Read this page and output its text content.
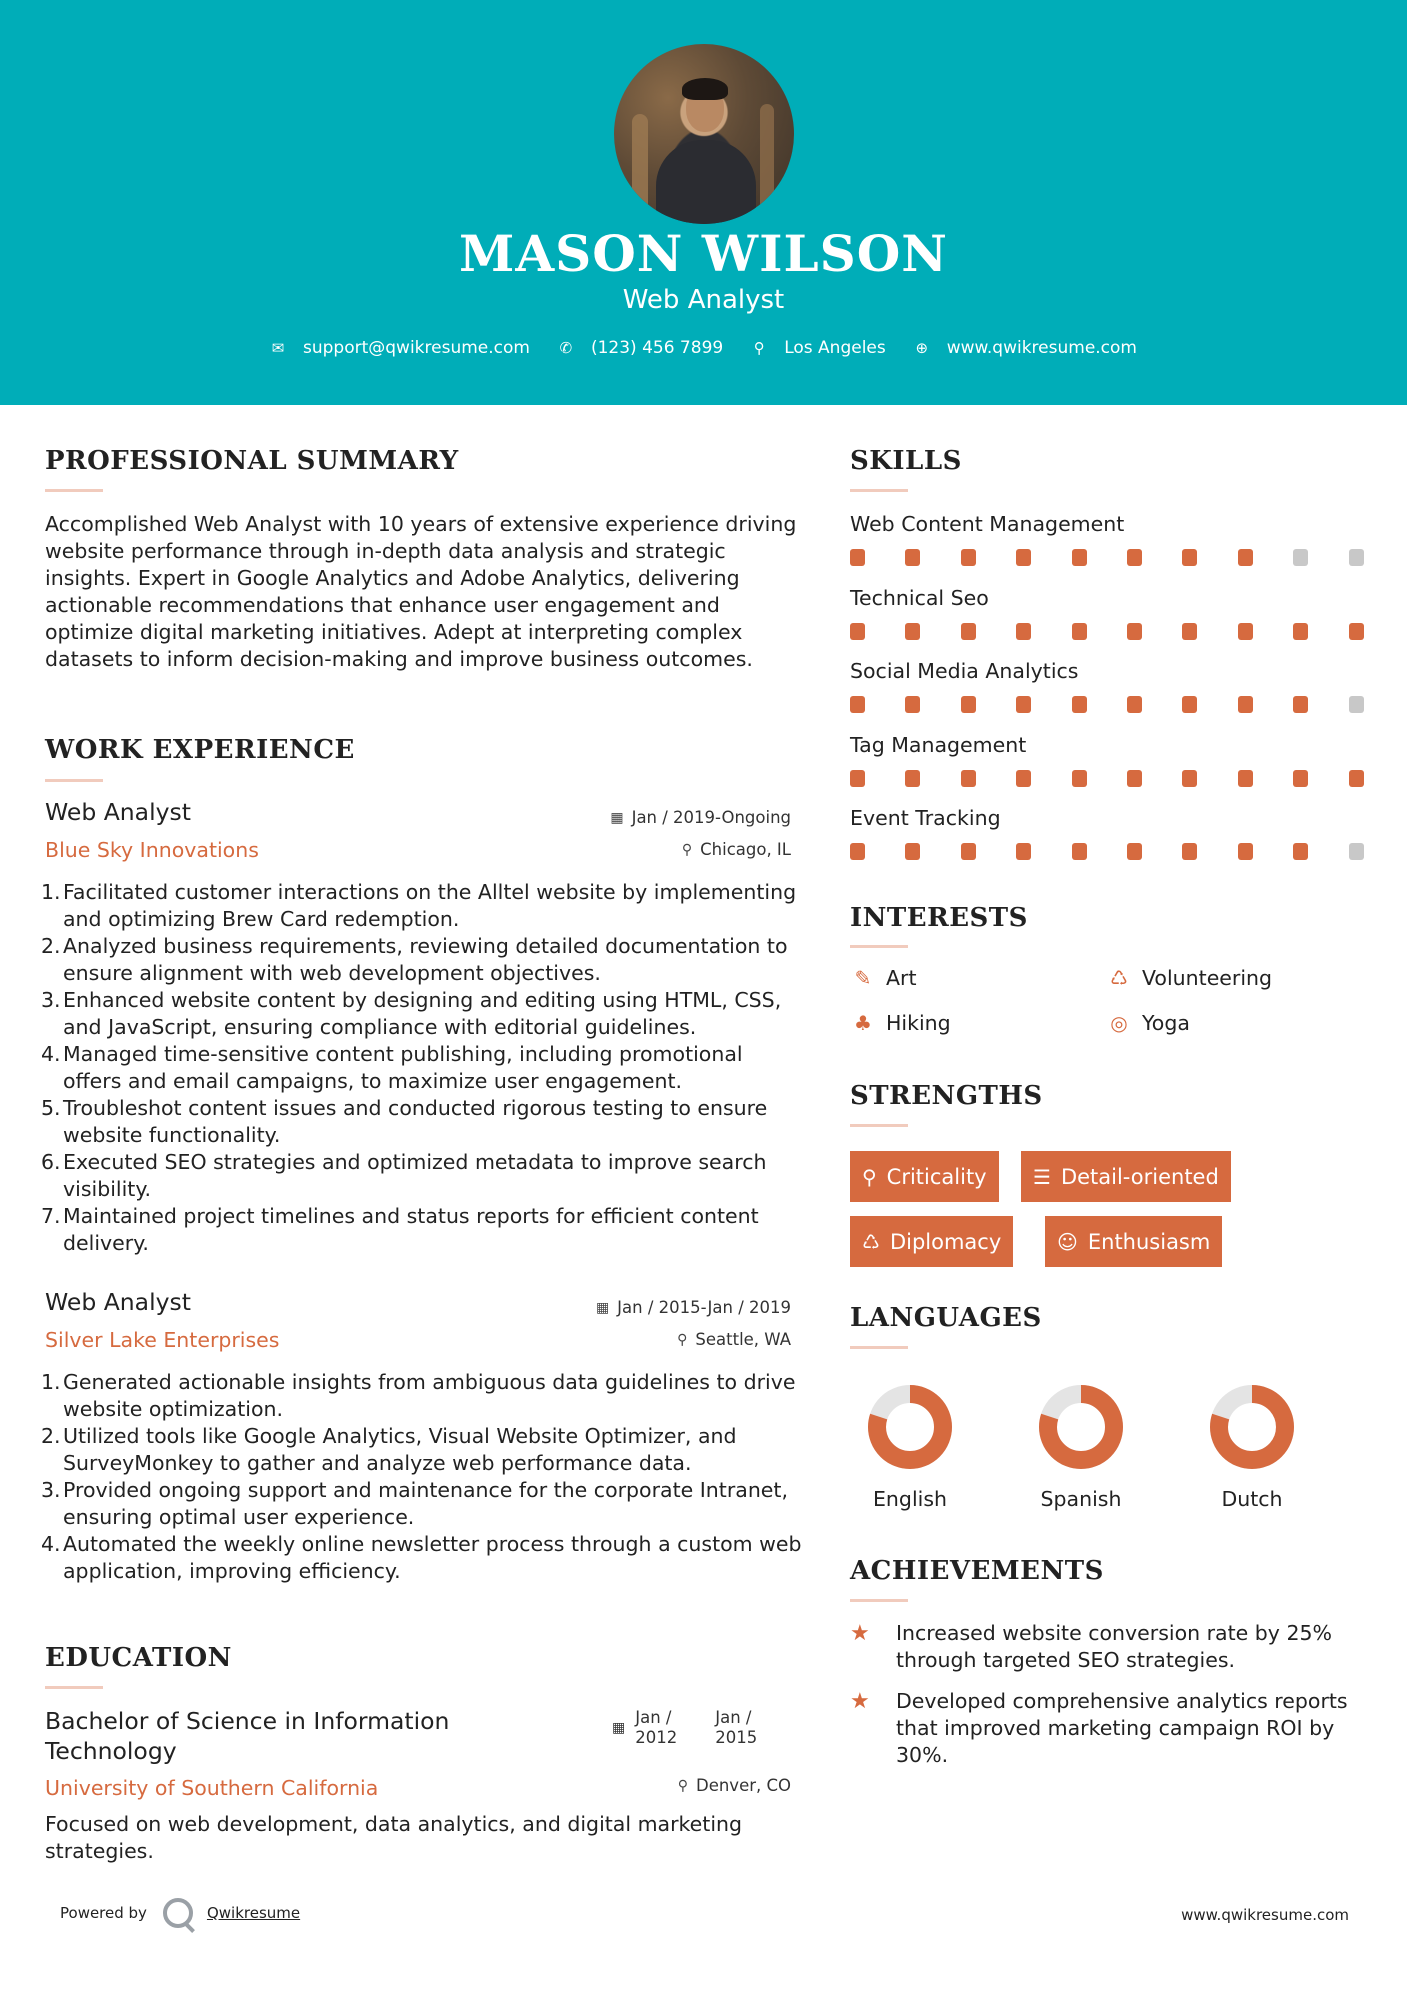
MASON WILSON
Web Analyst
✉ support@qwikresume.com ✆ (123) 456 7899 ⚲ Los Angeles ⊕ www.qwikresume.com
PROFESSIONAL SUMMARY
Accomplished Web Analyst with 10 years of extensive experience driving website performance through in-depth data analysis and strategic insights. Expert in Google Analytics and Adobe Analytics, delivering actionable recommendations that enhance user engagement and optimize digital marketing initiatives. Adept at interpreting complex datasets to inform decision-making and improve business outcomes.
WORK EXPERIENCE
Web Analyst	▦ Jan / 2019-Ongoing
Blue Sky Innovations	⚲ Chicago, IL
1. Facilitated customer interactions on the Alltel website by implementing and optimizing Brew Card redemption.
2. Analyzed business requirements, reviewing detailed documentation to ensure alignment with web development objectives.
3. Enhanced website content by designing and editing using HTML, CSS, and JavaScript, ensuring compliance with editorial guidelines.
4. Managed time-sensitive content publishing, including promotional offers and email campaigns, to maximize user engagement.
5. Troubleshot content issues and conducted rigorous testing to ensure website functionality.
6. Executed SEO strategies and optimized metadata to improve search visibility.
7. Maintained project timelines and status reports for efficient content delivery.
Web Analyst	▦ Jan / 2015-Jan / 2019
Silver Lake Enterprises	⚲ Seattle, WA
1. Generated actionable insights from ambiguous data guidelines to drive website optimization.
2. Utilized tools like Google Analytics, Visual Website Optimizer, and SurveyMonkey to gather and analyze web performance data.
3. Provided ongoing support and maintenance for the corporate Intranet, ensuring optimal user experience.
4. Automated the weekly online newsletter process through a custom web application, improving efficiency.
EDUCATION
Bachelor of Science in Information Technology
▦
Jan / 2012
Jan / 2015
University of Southern California	⚲ Denver, CO
Focused on web development, data analytics, and digital marketing strategies.
SKILLS
Web Content Management
Technical Seo
Social Media Analytics
Tag Management
Event Tracking
INTERESTS
✎ Art	♺ Volunteering
♣ Hiking	◎ Yoga
STRENGTHS
⚲ Criticality ☰ Detail-oriented
♺ Diplomacy	☺ Enthusiasm
LANGUAGES
English	Spanish	Dutch
ACHIEVEMENTS
★	Increased website conversion rate by 25% through targeted SEO strategies.
★	Developed comprehensive analytics reports that improved marketing campaign ROI by 30%.
Powered by	Qwikresume	www.qwikresume.com
